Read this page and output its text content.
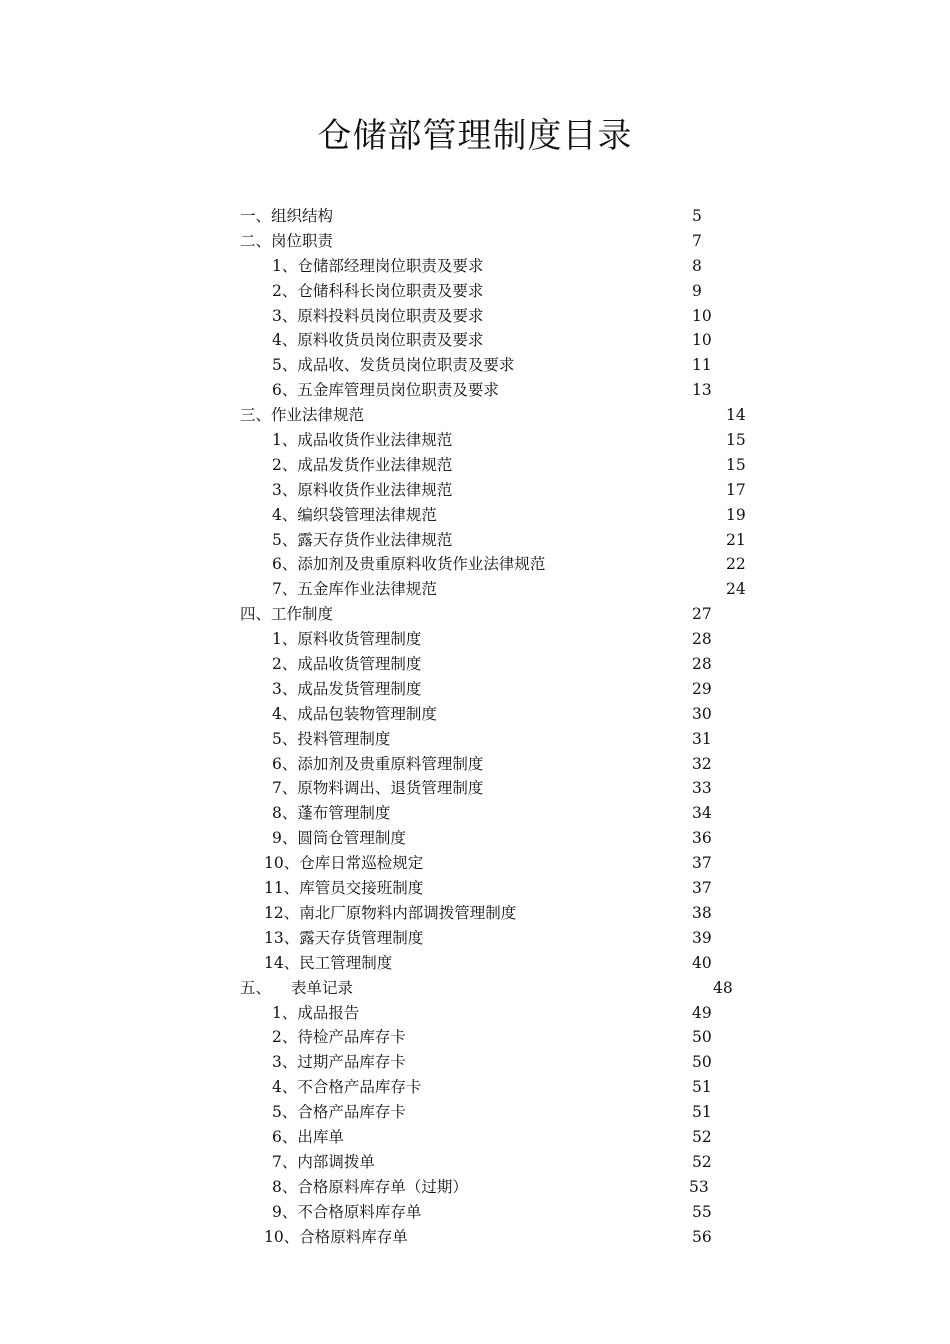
仓储部管理制度目录
一、组织结构	5
二、岗位职责	7
1、仓储部经理岗位职责及要求	8
2、仓储科科长岗位职责及要求	9
3、原料投料员岗位职责及要求	10
4、原料收货员岗位职责及要求	10
5、成品收、发货员岗位职责及要求	11
6、五金库管理员岗位职责及要求	13
三、作业法律规范	14
1、成品收货作业法律规范	15
2、成品发货作业法律规范	15
3、原料收货作业法律规范	17
4、编织袋管理法律规范	19
5、露天存货作业法律规范	21
6、添加剂及贵重原料收货作业法律规范	22
7、五金库作业法律规范	24
四、工作制度	27
1、原料收货管理制度	28
2、成品收货管理制度	28
3、成品发货管理制度	29
4、成品包装物管理制度	30
5、投料管理制度	31
6、添加剂及贵重原料管理制度	32
7、原物料调出、退货管理制度	33
8、蓬布管理制度	34
9、圆筒仓管理制度	36
10、仓库日常巡检规定	37
11、库管员交接班制度	37
12、南北厂原物料内部调拨管理制度	38
13、露天存货管理制度	39
14、民工管理制度	40
五、 表单记录	48
1、成品报告	49
2、待检产品库存卡	50
3、过期产品库存卡	50
4、不合格产品库存卡	51
5、合格产品库存卡	51
6、出库单	52
7、内部调拨单	52
8、合格原料库存单（过期）	53
9、不合格原料库存单	55
10、合格原料库存单	56
